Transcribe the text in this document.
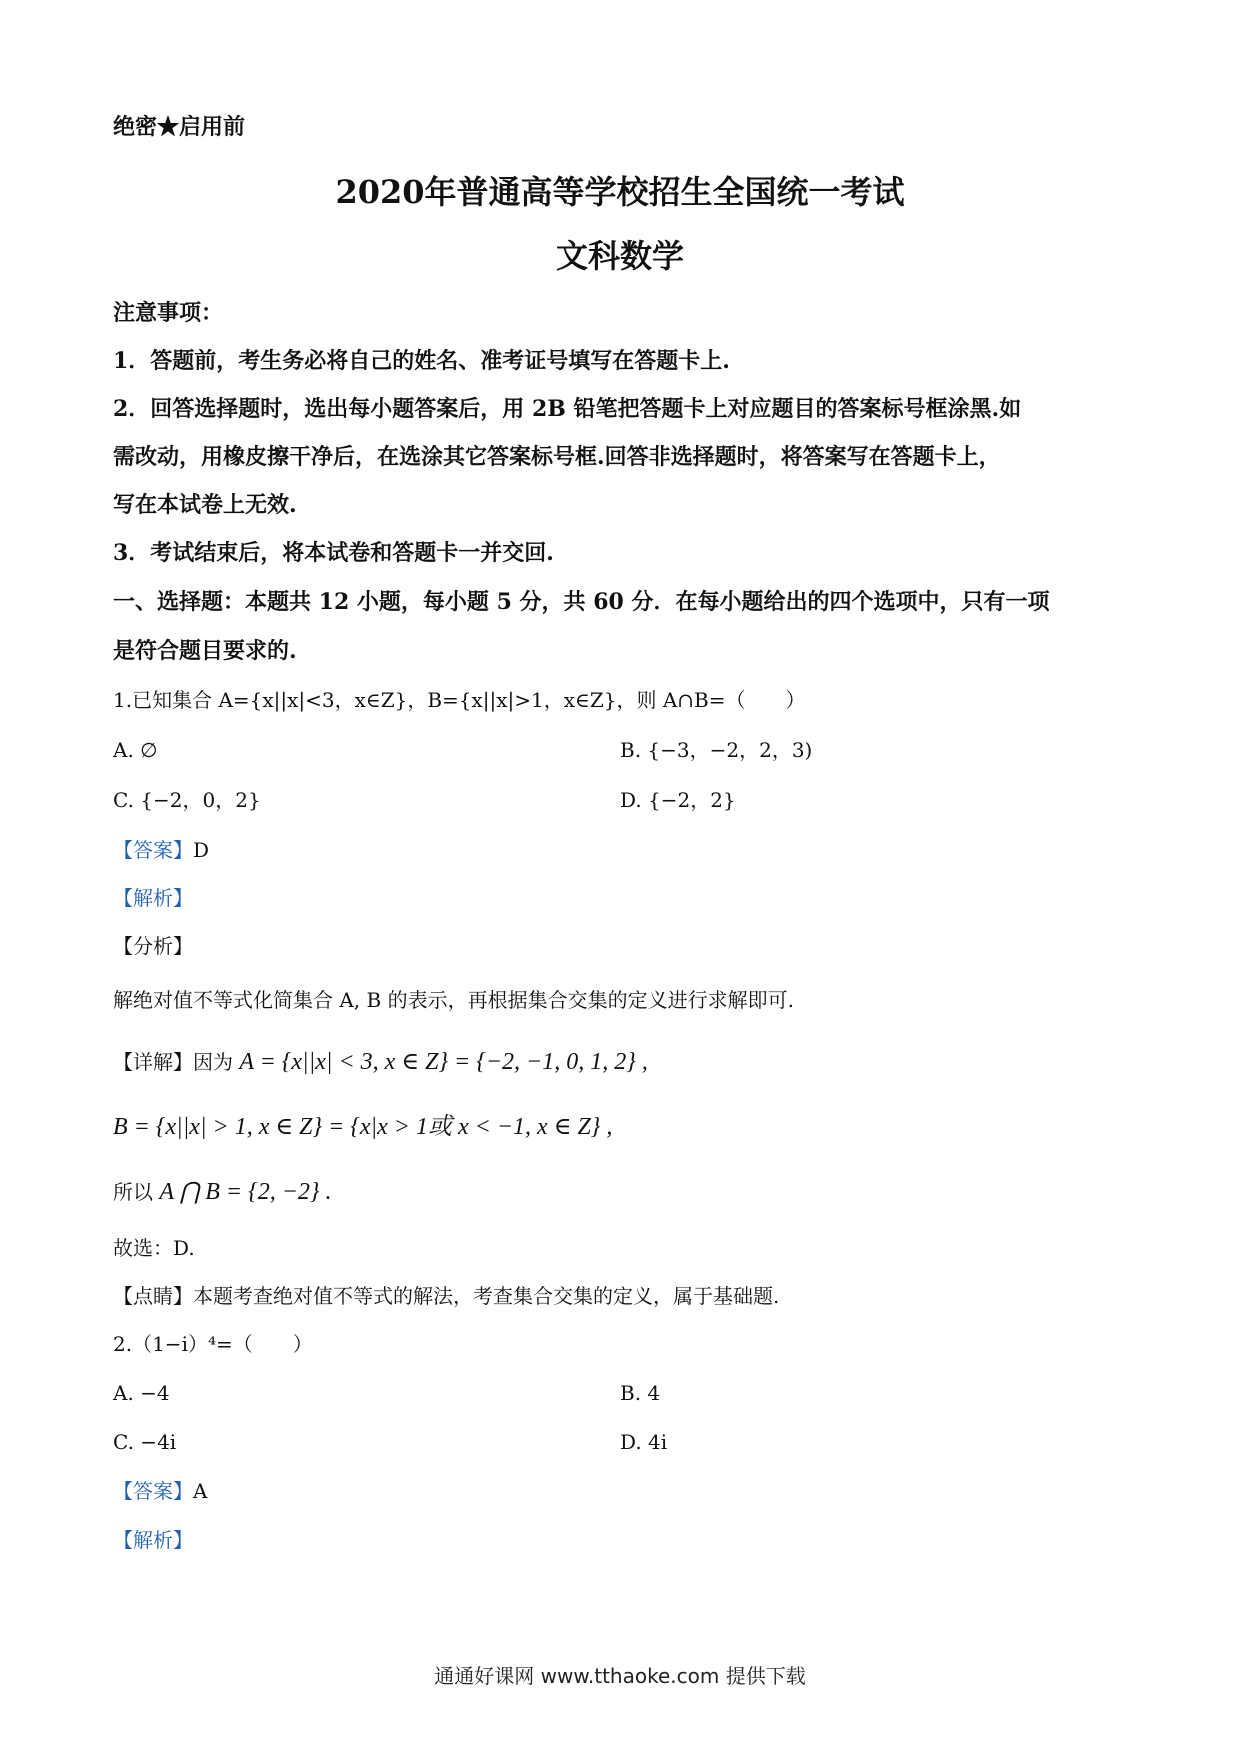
绝密★启用前
2020年普通高等学校招生全国统一考试
文科数学
注意事项：
1．答题前，考生务必将自己的姓名、准考证号填写在答题卡上.
2．回答选择题时，选出每小题答案后，用 2B 铅笔把答题卡上对应题目的答案标号框涂黑.如
需改动，用橡皮擦干净后，在选涂其它答案标号框.回答非选择题时，将答案写在答题卡上，
写在本试卷上无效.
3．考试结束后，将本试卷和答题卡一并交回.
一、选择题：本题共 12 小题，每小题 5 分，共 60 分．在每小题给出的四个选项中，只有一项
是符合题目要求的.
1.已知集合 A={x||x|<3，x∈Z}，B={x||x|>1，x∈Z}，则 A∩B=（　　）
A. ∅	B. {−3，−2，2，3)
C. {−2，0，2}	D. {−2，2}
【答案】D
【解析】
【分析】
解绝对值不等式化简集合 A, B 的表示，再根据集合交集的定义进行求解即可.
【详解】因为 A = {x||x| < 3, x ∈ Z} = {−2, −1, 0, 1, 2} ,
B = {x||x| > 1, x ∈ Z} = {x|x > 1或 x < −1, x ∈ Z} ,
所以 A ⋂ B = {2, −2} .
故选：D.
【点睛】本题考查绝对值不等式的解法，考查集合交集的定义，属于基础题.
2.（1−i）⁴=（　　）
A. −4	B. 4
C. −4i	D. 4i
【答案】A
【解析】
通通好课网 www.tthaoke.com 提供下载
